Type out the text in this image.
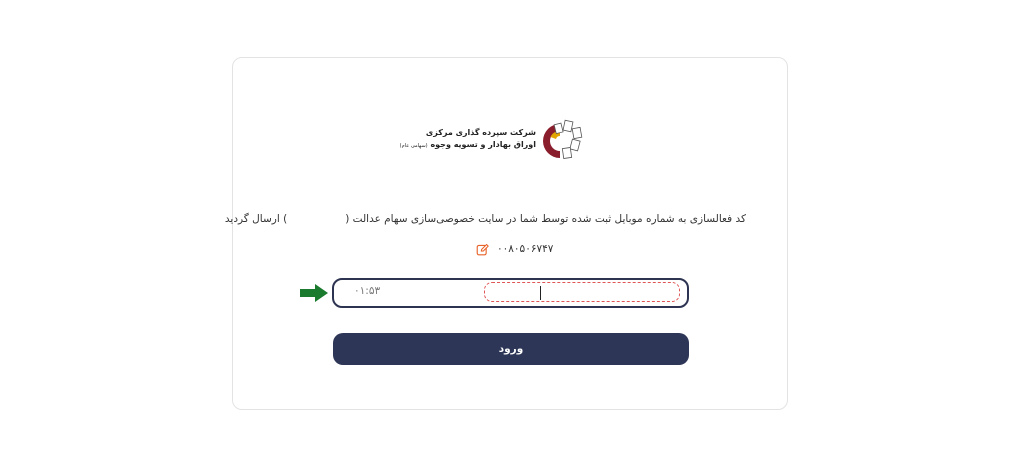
شرکت سپرده گذاری مرکزی
اوراق بهادار و تسویه وجوه (سهامی عام)
کد فعالسازی به شماره موبایل ثبت شده توسط شما در سایت خصوصی‌سازی سهام عدالت () ارسال گردید
۰۰۸۰۵۰۶۷۴۷
۰۱:۵۳
ورود
